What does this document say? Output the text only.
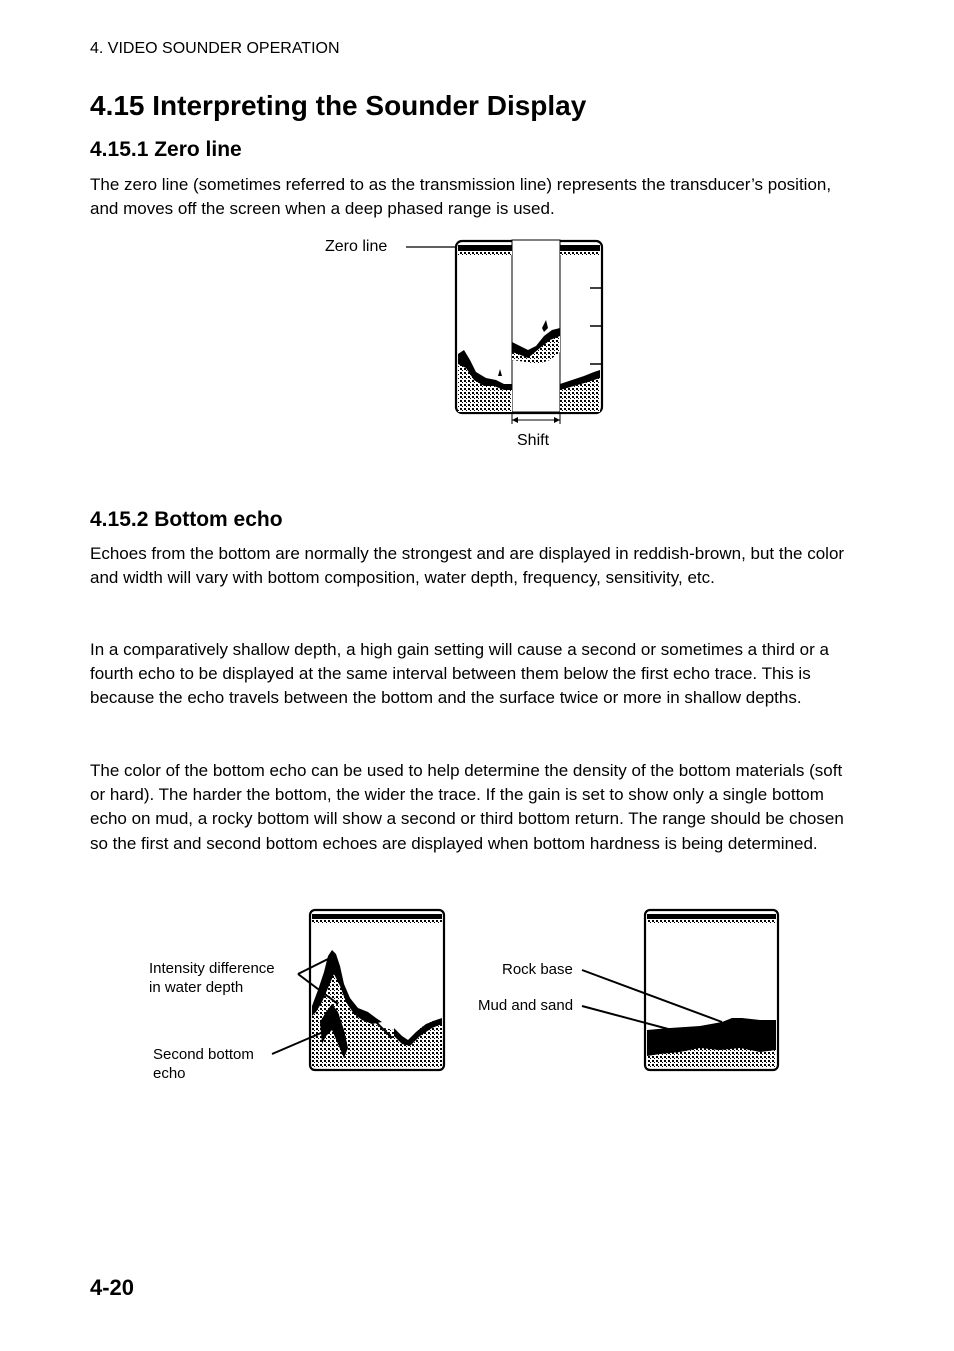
4. VIDEO SOUNDER OPERATION
4.15 Interpreting the Sounder Display
4.15.1 Zero line

The zero line (sometimes referred to as the transmission line) represents the transducer’s position, and moves off the screen when a deep phased range is used.

Zero line
Shift
4.15.2 Bottom echo

Echoes from the bottom are normally the strongest and are displayed in reddish-brown, but the color and width will vary with bottom composition, water depth, frequency, sensitivity, etc.

In a comparatively shallow depth, a high gain setting will cause a second or sometimes a third or a fourth echo to be displayed at the same interval between them below the first echo trace. This is because the echo travels between the bottom and the surface twice or more in shallow depths.

The color of the bottom echo can be used to help determine the density of the bottom materials (soft or hard). The harder the bottom, the wider the trace. If the gain is set to show only a single bottom echo on mud, a rocky bottom will show a second or third bottom return. The range should be chosen so the first and second bottom echoes are displayed when bottom hardness is being determined.

Intensity difference
in water depth
Second bottom
echo
Rock base
Mud and sand
4-20
